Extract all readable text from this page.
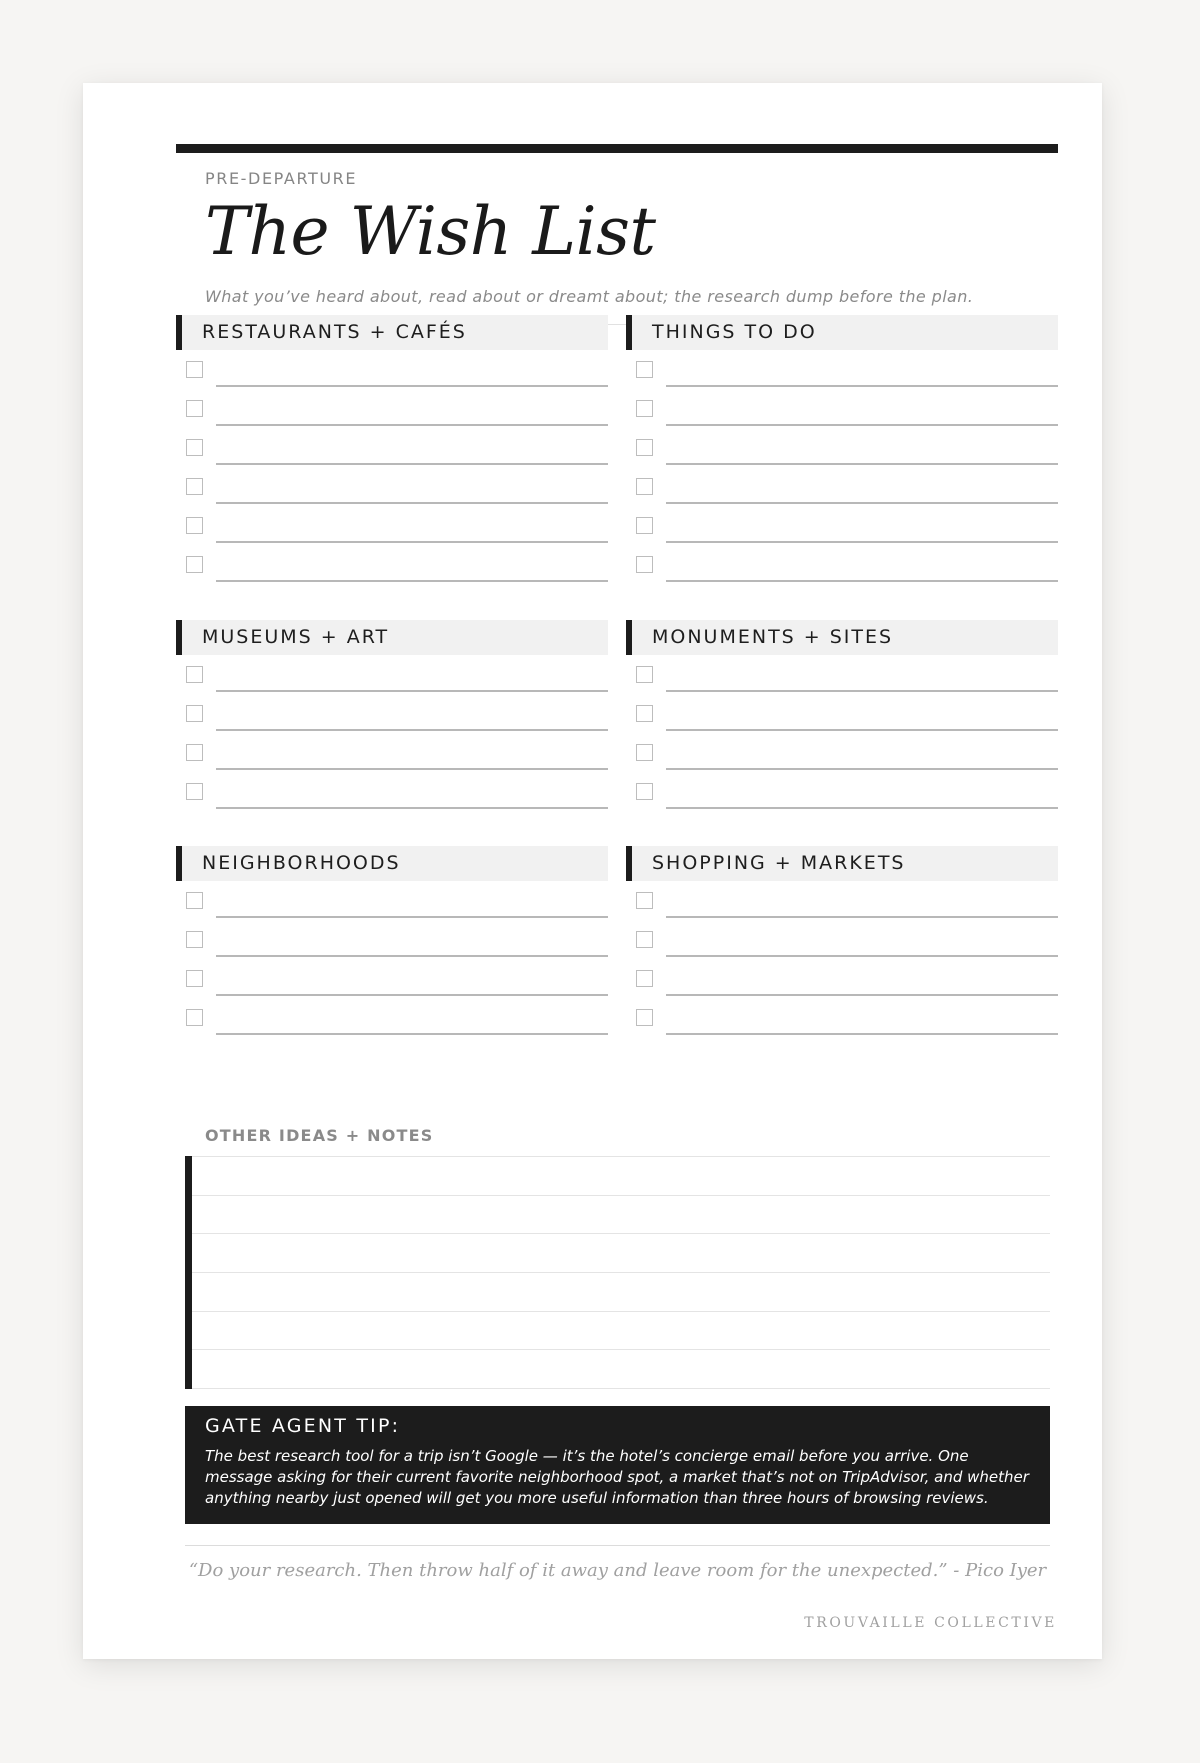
PRE-DEPARTURE
The Wish List
What you’ve heard about, read about or dreamt about; the research dump before the plan.
RESTAURANTS + CAFÉS	THINGS TO DO
MUSEUMS + ART	MONUMENTS + SITES
NEIGHBORHOODS	SHOPPING + MARKETS
OTHER IDEAS + NOTES
GATE AGENT TIP:
The best research tool for a trip isn’t Google — it’s the hotel’s concierge email before you arrive. One message asking for their current favorite neighborhood spot, a market that’s not on TripAdvisor, and whether anything nearby just opened will get you more useful information than three hours of browsing reviews.
“Do your research. Then throw half of it away and leave room for the unexpected.” - Pico Iyer
TROUVAILLE COLLECTIVE
